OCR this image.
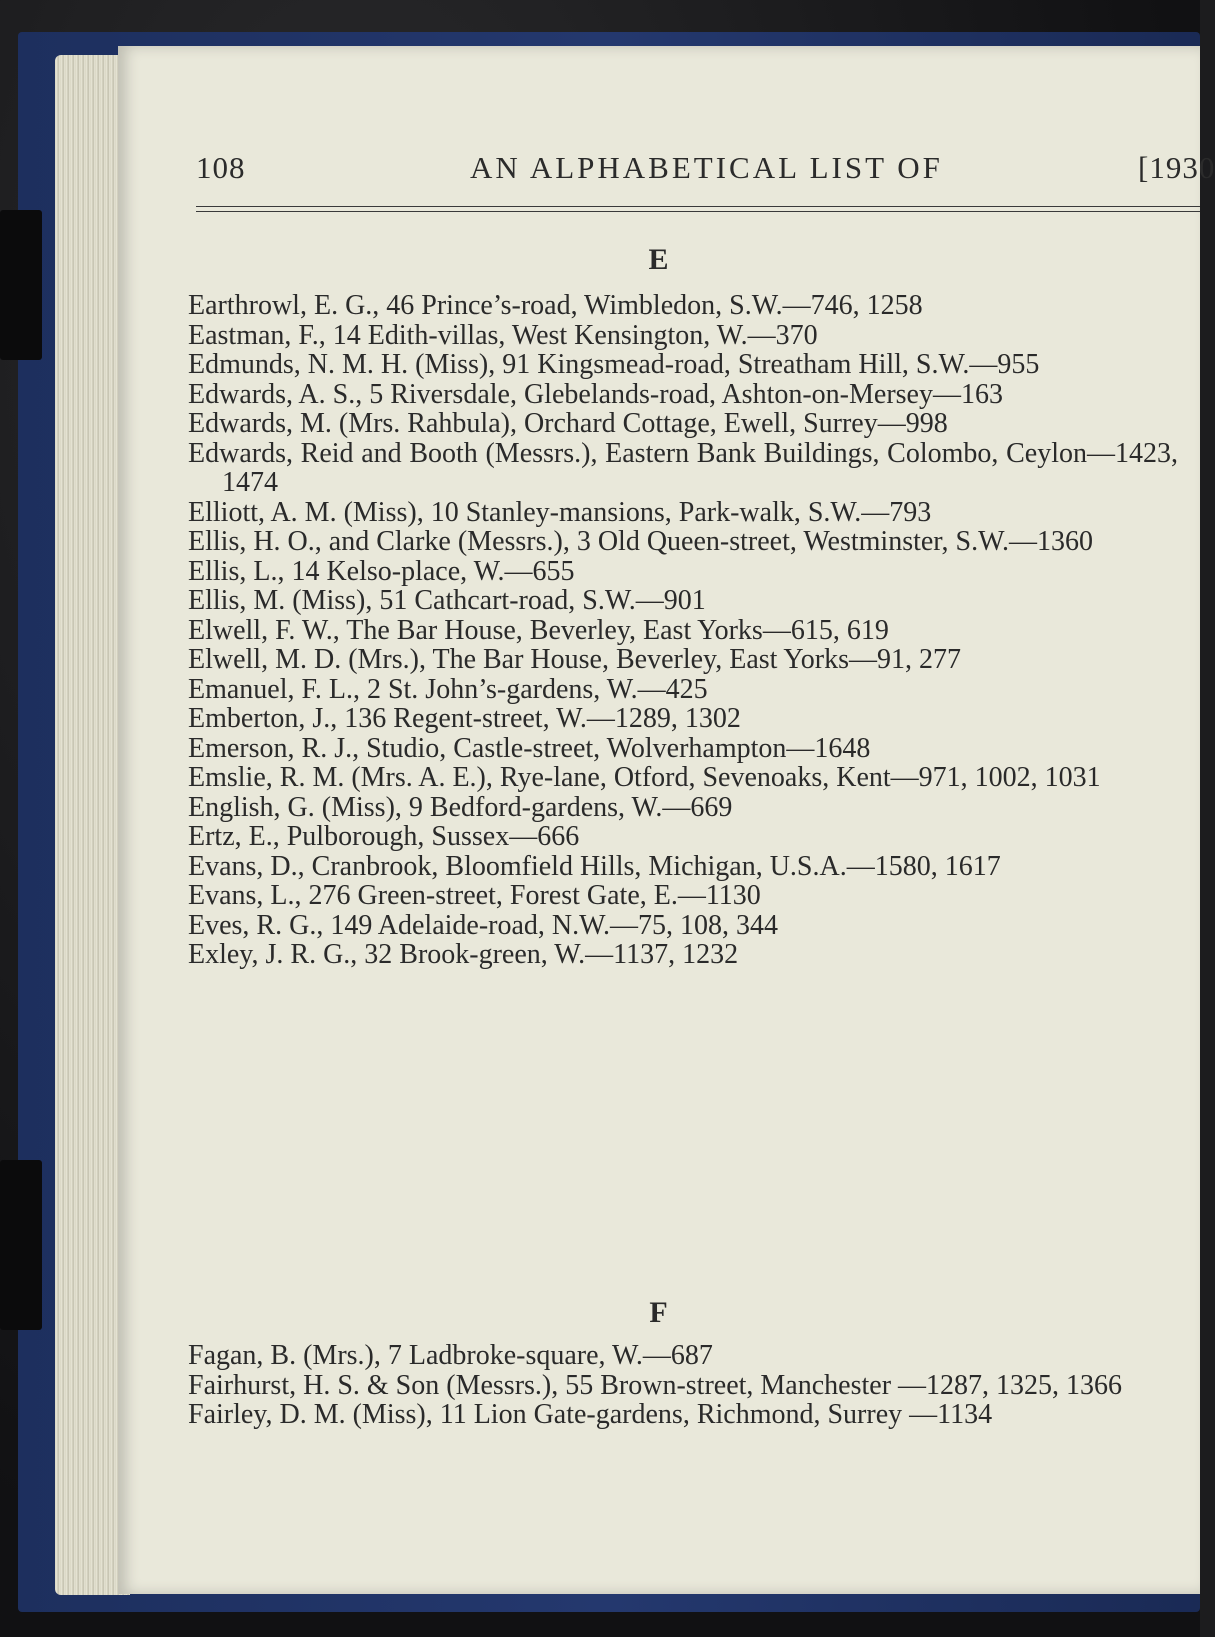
108	AN ALPHABETICAL LIST OF	[1930
E
Earthrowl, E. G., 46 Prince’s-road, Wimbledon, S.W.—746, 1258
Eastman, F., 14 Edith-villas, West Kensington, W.—370
Edmunds, N. M. H. (Miss), 91 Kingsmead-road, Streatham Hill, S.W.—955
Edwards, A. S., 5 Riversdale, Glebelands-road, Ashton-on-Mersey—163
Edwards, M. (Mrs. Rahbula), Orchard Cottage, Ewell, Surrey—998
Edwards, Reid and Booth (Messrs.), Eastern Bank Buildings, Colombo, Ceylon—1423, 1474
Elliott, A. M. (Miss), 10 Stanley-mansions, Park-walk, S.W.—793
Ellis, H. O., and Clarke (Messrs.), 3 Old Queen-street, Westminster, S.W.—1360
Ellis, L., 14 Kelso-place, W.—655
Ellis, M. (Miss), 51 Cathcart-road, S.W.—901
Elwell, F. W., The Bar House, Beverley, East Yorks—615, 619
Elwell, M. D. (Mrs.), The Bar House, Beverley, East Yorks—91, 277
Emanuel, F. L., 2 St. John’s-gardens, W.—425
Emberton, J., 136 Regent-street, W.—1289, 1302
Emerson, R. J., Studio, Castle-street, Wolverhampton—1648
Emslie, R. M. (Mrs. A. E.), Rye-lane, Otford, Sevenoaks, Kent—971, 1002, 1031
English, G. (Miss), 9 Bedford-gardens, W.—669
Ertz, E., Pulborough, Sussex—666
Evans, D., Cranbrook, Bloomfield Hills, Michigan, U.S.A.—1580, 1617
Evans, L., 276 Green-street, Forest Gate, E.—1130
Eves, R. G., 149 Adelaide-road, N.W.—75, 108, 344
Exley, J. R. G., 32 Brook-green, W.—1137, 1232
F
Fagan, B. (Mrs.), 7 Ladbroke-square, W.—687
Fairhurst, H. S. & Son (Messrs.), 55 Brown-street, Manchester —1287, 1325, 1366
Fairley, D. M. (Miss), 11 Lion Gate-gardens, Richmond, Surrey —1134
